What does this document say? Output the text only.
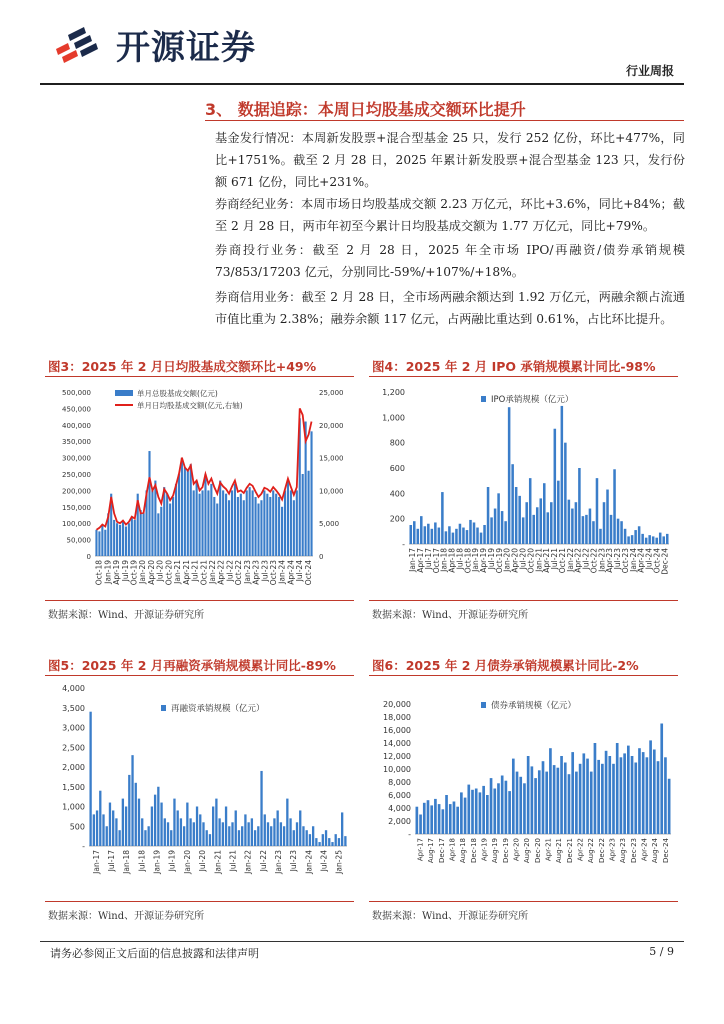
开源证券
行业周报
3、 数据追踪：本周日均股基成交额环比提升
基金发行情况：本周新发股票+混合型基金 25 只，发行 252 亿份，环比+477%，同比+1751%。截至 2 月 28 日，2025 年累计新发股票+混合型基金 123 只，发行份额 671 亿份，同比+231%。
券商经纪业务：本周市场日均股基成交额 2.23 万亿元，环比+3.6%，同比+84%；截至 2 月 28 日，两市年初至今累计日均股基成交额为 1.77 万亿元，同比+79%。
券商投行业务：截至 2 月 28 日，2025 年全市场 IPO/再融资/债券承销规模 73/853/17203 亿元，分别同比-59%/+107%/+18%。
券商信用业务：截至 2 月 28 日，全市场两融余额达到 1.92 万亿元，两融余额占流通市值比重为 2.38%；融券余额 117 亿元，占两融比重达到 0.61%，占比环比提升。
图3：2025 年 2 月日均股基成交额环比+49%
0
50,000
100,000
150,000
200,000
250,000
300,000
350,000
400,000
450,000
500,000
0
5,000
10,000
15,000
20,000
25,000
Oct-18 Jan-19 Apr-19 Jul-19 Oct-19 Jan-20 Apr-20 Jul-20 Oct-20 Jan-21 Apr-21 Jul-21 Oct-21 Jan-22 Apr-22 Jul-22 Oct-22 Jan-23 Apr-23 Jul-23 Oct-23 Jan-24 Apr-24 Jul-24 Oct-24
单月总股基成交额(亿元)
单月日均股基成交额(亿元,右轴)
数据来源：Wind、开源证券研究所
图4：2025 年 2 月 IPO 承销规模累计同比-98%
-
200
400
600
800
1,000
1,200
Jan-17
Apr-17
Jul-17
Oct-17
Jan-18
Apr-18
Jul-18
Oct-18
Jan-19
Apr-19
Jul-19
Oct-19
Jan-20
Apr-20
Jul-20
Oct-20
Jan-21
Apr-21
Jul-21
Oct-21
Jan-22
Apr-22
Jul-22
Oct-22
Jan-23
Apr-23
Jul-23
Oct-23
Jan-24
Apr-24
Jul-24
Oct-24
Dec-24
IPO承销规模（亿元）
数据来源：Wind、开源证券研究所
图5：2025 年 2 月再融资承销规模累计同比-89%
-
500
1,000
1,500
2,000
2,500
3,000
3,500
4,000
Jan-17 Jul-17 Jan-18 Jul-18 Jan-19 Jul-19 Jan-20 Jul-20 Jan-21 Jul-21 Jan-22 Jul-22 Jan-23 Jul-23 Jan-24 Jul-24 Jan-25
再融资承销规模（亿元）
数据来源：Wind、开源证券研究所
图6：2025 年 2 月债券承销规模累计同比-2%
-
2,000
4,000
6,000
8,000
10,000
12,000
14,000
16,000
18,000
20,000
Apr-17 Aug-17 Dec-17 Apr-18 Aug-18 Dec-18 Apr-19 Aug-19 Dec-19 Apr-20 Aug-20 Dec-20 Apr-21 Aug-21 Dec-21 Apr-22 Aug-22 Dec-22 Apr-23 Aug-23 Dec-23 Apr-24 Aug-24 Dec-24
债券承销规模（亿元）
数据来源：Wind、开源证券研究所
请务必参阅正文后面的信息披露和法律声明	5 / 9
